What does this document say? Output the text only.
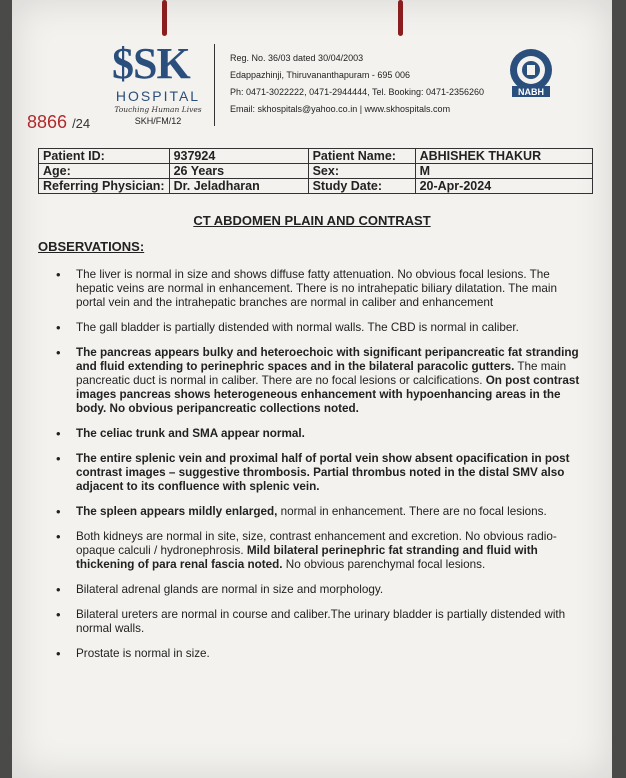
$SK
HOSPITAL
Touching Human Lives
SKH/FM/12
8866 /24
Reg. No. 36/03 dated 30/04/2003
Edappazhinji, Thiruvananthapuram - 695 006
Ph: 0471-3022222, 0471-2944444, Tel. Booking: 0471-2356260
Email: skhospitals@yahoo.co.in | www.skhospitals.com
NABH
Patient ID:	937924	Patient Name:	ABHISHEK THAKUR
Age:	26 Years	Sex:	M
Referring Physician:	Dr. Jeladharan	Study Date:	20-Apr-2024
CT ABDOMEN PLAIN AND CONTRAST
OBSERVATIONS:
• The liver is normal in size and shows diffuse fatty attenuation. No obvious focal lesions. The hepatic veins are normal in enhancement. There is no intrahepatic biliary dilatation. The main portal vein and the intrahepatic branches are normal in caliber and enhancement
• The gall bladder is partially distended with normal walls. The CBD is normal in caliber.
• The pancreas appears bulky and heteroechoic with significant peripancreatic fat stranding and fluid extending to perinephric spaces and in the bilateral paracolic gutters. The main pancreatic duct is normal in caliber. There are no focal lesions or calcifications. On post contrast images pancreas shows heterogeneous enhancement with hypoenhancing areas in the body. No obvious peripancreatic collections noted.
• The celiac trunk and SMA appear normal.
• The entire splenic vein and proximal half of portal vein show absent opacification in post contrast images – suggestive thrombosis. Partial thrombus noted in the distal SMV also adjacent to its confluence with splenic vein.
• The spleen appears mildly enlarged, normal in enhancement. There are no focal lesions.
• Both kidneys are normal in site, size, contrast enhancement and excretion. No obvious radio-opaque calculi / hydronephrosis. Mild bilateral perinephric fat stranding and fluid with thickening of para renal fascia noted. No obvious parenchymal focal lesions.
• Bilateral adrenal glands are normal in size and morphology.
• Bilateral ureters are normal in course and caliber.The urinary bladder is partially distended with normal walls.
• Prostate is normal in size.
